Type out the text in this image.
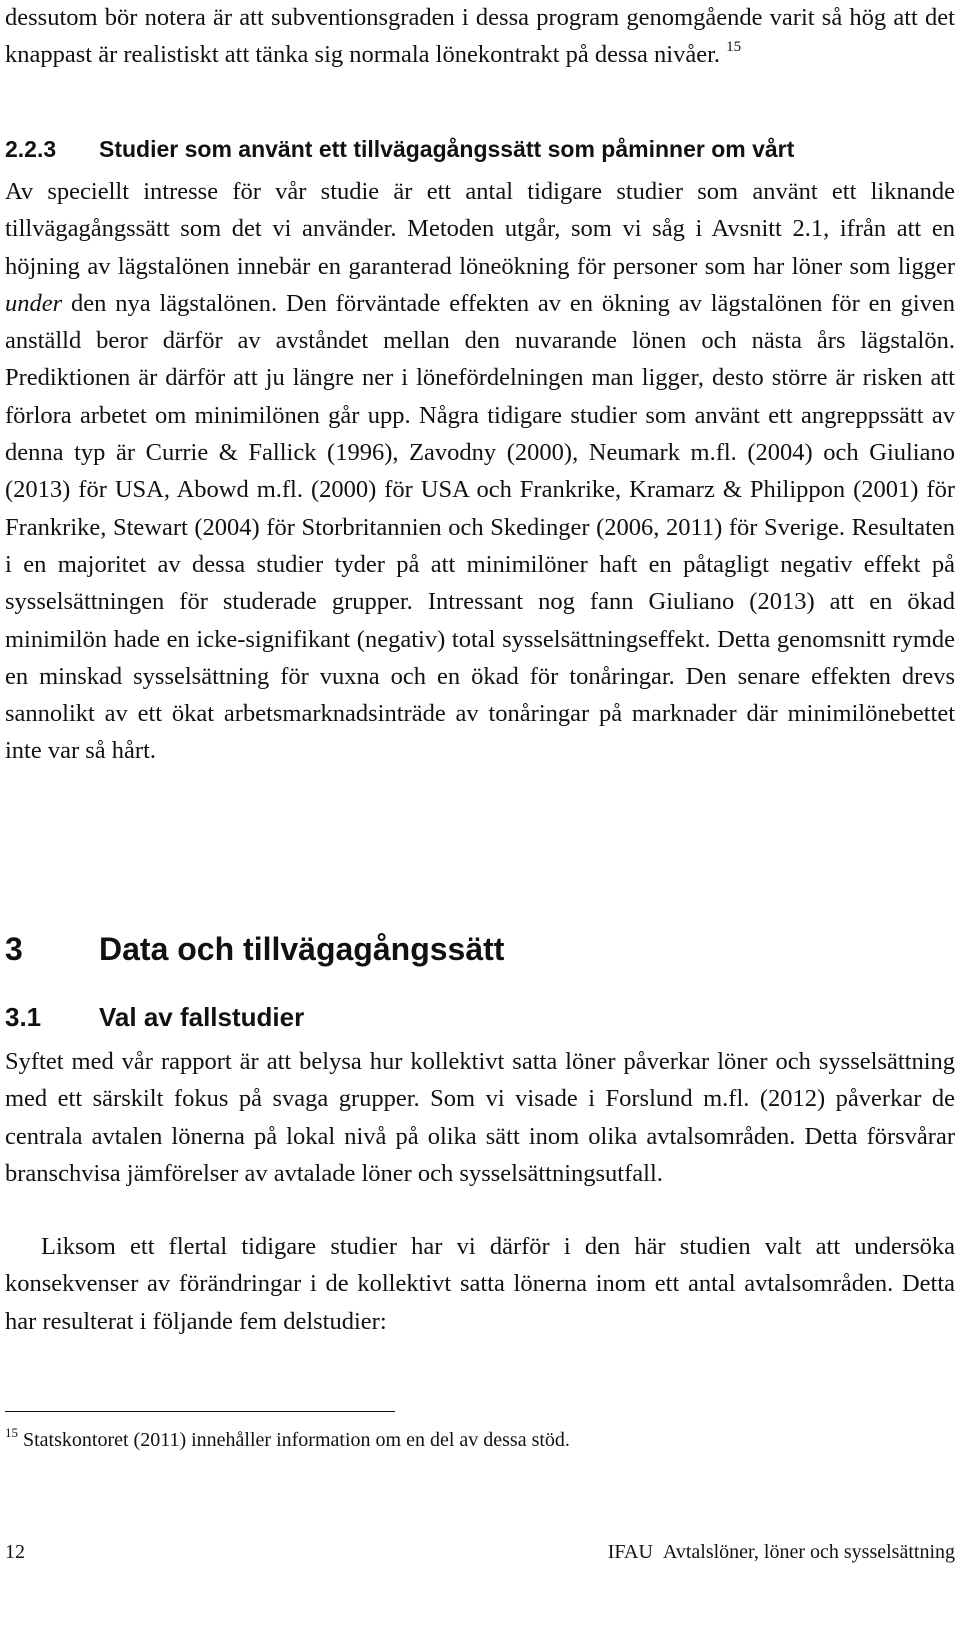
dessutom bör notera är att subventionsgraden i dessa program genomgående varit så hög att det knappast är realistiskt att tänka sig normala lönekontrakt på dessa nivåer. $^{15}$

2.2.3 Studier som använt ett tillvägagångssätt som påminner om vårt

Av speciellt intresse för vår studie är ett antal tidigare studier som använt ett liknande tillvägagångssätt som det vi använder. Metoden utgår, som vi såg i Avsnitt 2.1, ifrån att en höjning av lägstalönen innebär en garanterad löneökning för personer som har löner som ligger under den nya lägstalönen. Den förväntade effekten av en ökning av lägstalönen för en given anställd beror därför av avståndet mellan den nuvarande lönen och nästa års lägstalön. Prediktionen är därför att ju längre ner i lönefördelningen man ligger, desto större är risken att förlora arbetet om minimilönen går upp. Några tidigare studier som använt ett angreppssätt av denna typ är Currie & Fallick (1996), Zavodny (2000), Neumark m.fl. (2004) och Giuliano (2013) för USA, Abowd m.fl. (2000) för USA och Frankrike, Kramarz & Philippon (2001) för Frankrike, Stewart (2004) för Storbritannien och Skedinger (2006, 2011) för Sverige. Resultaten i en majoritet av dessa studier tyder på att minimilöner haft en påtagligt negativ effekt på sysselsättningen för studerade grupper. Intressant nog fann Giuliano (2013) att en ökad minimilön hade en icke-signifikant (negativ) total sysselsättningseffekt. Detta genomsnitt rymde en minskad sysselsättning för vuxna och en ökad för tonåringar. Den senare effekten drevs sannolikt av ett ökat arbetsmarknadsinträde av tonåringar på marknader där minimilönebettet inte var så hårt.

3 Data och tillvägagångssätt
3.1 Val av fallstudier

Syftet med vår rapport är att belysa hur kollektivt satta löner påverkar löner och sysselsättning med ett särskilt fokus på svaga grupper. Som vi visade i Forslund m.fl. (2012) påverkar de centrala avtalen lönerna på lokal nivå på olika sätt inom olika avtalsområden. Detta försvårar branschvisa jämförelser av avtalade löner och sysselsättningsutfall.

Liksom ett flertal tidigare studier har vi därför i den här studien valt att undersöka konsekvenser av förändringar i de kollektivt satta lönerna inom ett antal avtalsområden. Detta har resulterat i följande fem delstudier:

$^{15}$ Statskontoret (2011) innehåller information om en del av dessa stöd.
12	IFAU Avtalslöner, löner och sysselsättning
